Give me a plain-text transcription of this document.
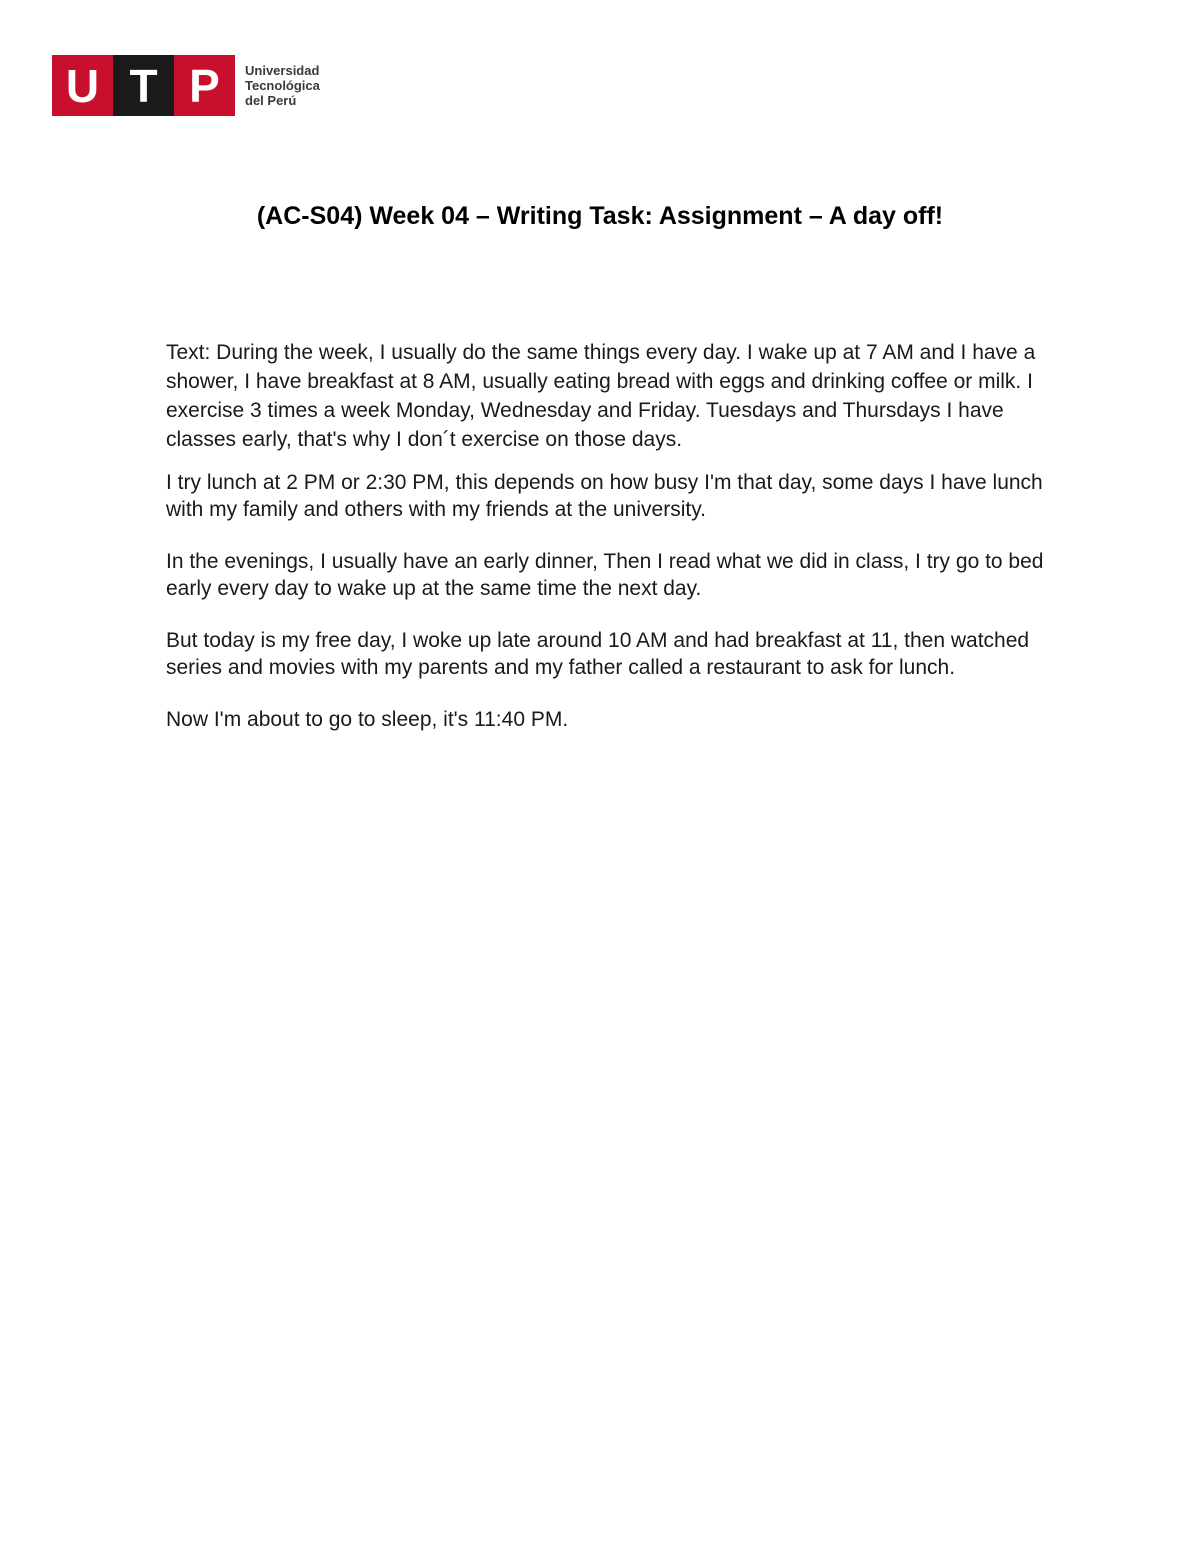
U T P	Universidad
Tecnológica
del Perú
(AC-S04) Week 04 – Writing Task: Assignment – A day off!

Text: During the week, I usually do the same things every day. I wake up at 7 AM and I have a shower, I have breakfast at 8 AM, usually eating bread with eggs and drinking coffee or milk. I exercise 3 times a week Monday, Wednesday and Friday. Tuesdays and Thursdays I have classes early, that's why I don´t exercise on those days.

I try lunch at 2 PM or 2:30 PM, this depends on how busy I'm that day, some days I have lunch with my family and others with my friends at the university.

In the evenings, I usually have an early dinner, Then I read what we did in class, I try go to bed early every day to wake up at the same time the next day.

But today is my free day, I woke up late around 10 AM and had breakfast at 11, then watched series and movies with my parents and my father called a restaurant to ask for lunch.

Now I'm about to go to sleep, it's 11:40 PM.
